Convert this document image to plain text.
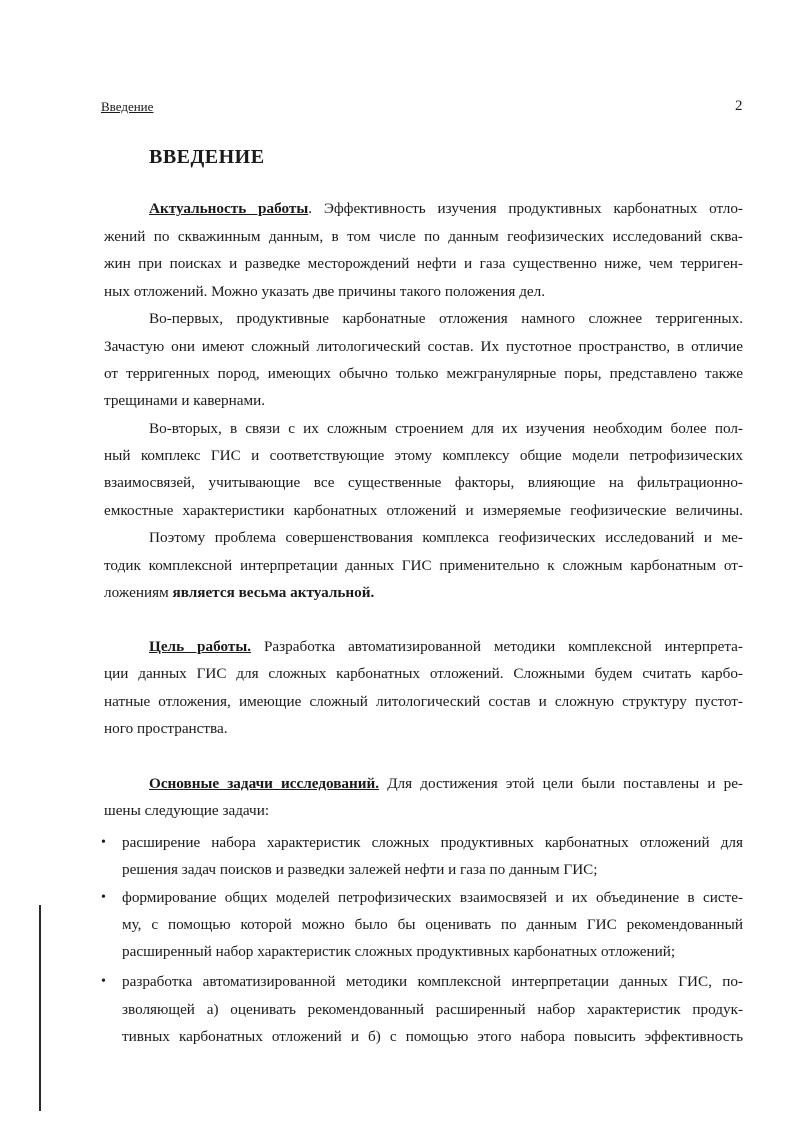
Введение	2
ВВЕДЕНИЕ
Актуальность работы. Эффективность изучения продуктивных карбонатных отло-
жений по скважинным данным, в том числе по данным геофизических исследований сква-
жин при поисках и разведке месторождений нефти и газа существенно ниже, чем терриген-
ных отложений. Можно указать две причины такого положения дел.
Во-первых, продуктивные карбонатные отложения намного сложнее терригенных.
Зачастую они имеют сложный литологический состав. Их пустотное пространство, в отличие
от терригенных пород, имеющих обычно только межгранулярные поры, представлено также
трещинами и кавернами.
Во-вторых, в связи с их сложным строением для их изучения необходим более пол-
ный комплекс ГИС и соответствующие этому комплексу общие модели петрофизических
взаимосвязей, учитывающие все существенные факторы, влияющие на фильтрационно-
емкостные характеристики карбонатных отложений и измеряемые геофизические величины.
Поэтому проблема совершенствования комплекса геофизических исследований и ме-
тодик комплексной интерпретации данных ГИС применительно к сложным карбонатным от-
ложениям является весьма актуальной.
Цель работы. Разработка автоматизированной методики комплексной интерпрета-
ции данных ГИС для сложных карбонатных отложений. Сложными будем считать карбо-
натные отложения, имеющие сложный литологический состав и сложную структуру пустот-
ного пространства.
Основные задачи исследований. Для достижения этой цели были поставлены и ре-
шены следующие задачи:
• расширение набора характеристик сложных продуктивных карбонатных отложений для
решения задач поисков и разведки залежей нефти и газа по данным ГИС;
• формирование общих моделей петрофизических взаимосвязей и их объединение в систе-
му, с помощью которой можно было бы оценивать по данным ГИС рекомендованный
расширенный набор характеристик сложных продуктивных карбонатных отложений;
• разработка автоматизированной методики комплексной интерпретации данных ГИС, по-
зволяющей а) оценивать рекомендованный расширенный набор характеристик продук-
тивных карбонатных отложений и б) с помощью этого набора повысить эффективность
